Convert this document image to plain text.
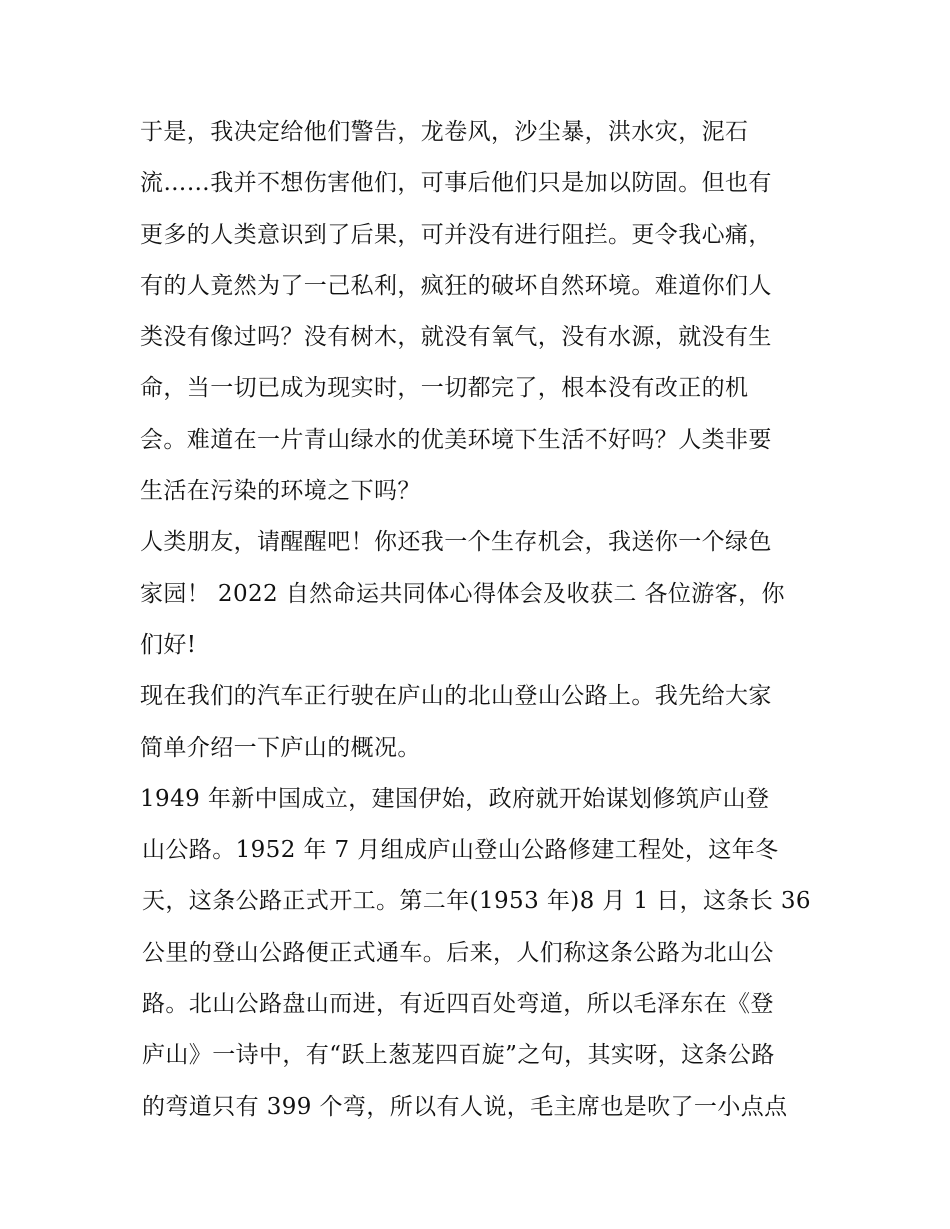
于是，我决定给他们警告，龙卷风，沙尘暴，洪水灾，泥石
流……我并不想伤害他们，可事后他们只是加以防固。但也有
更多的人类意识到了后果，可并没有进行阻拦。更令我心痛，
有的人竟然为了一己私利，疯狂的破坏自然环境。难道你们人
类没有像过吗？没有树木，就没有氧气，没有水源，就没有生
命，当一切已成为现实时，一切都完了，根本没有改正的机
会。难道在一片青山绿水的优美环境下生活不好吗？人类非要
生活在污染的环境之下吗？
人类朋友，请醒醒吧！你还我一个生存机会，我送你一个绿色
家园！ 2022 自然命运共同体心得体会及收获二 各位游客，你
们好!
现在我们的汽车正行驶在庐山的北山登山公路上。我先给大家
简单介绍一下庐山的概况。
1949 年新中国成立，建国伊始，政府就开始谋划修筑庐山登
山公路。1952 年 7 月组成庐山登山公路修建工程处，这年冬
天，这条公路正式开工。第二年(1953 年)8 月 1 日，这条长 36
公里的登山公路便正式通车。后来，人们称这条公路为北山公
路。北山公路盘山而进，有近四百处弯道，所以毛泽东在《登
庐山》一诗中，有“跃上葱茏四百旋”之句，其实呀，这条公路
的弯道只有 399 个弯，所以有人说，毛主席也是吹了一小点点
